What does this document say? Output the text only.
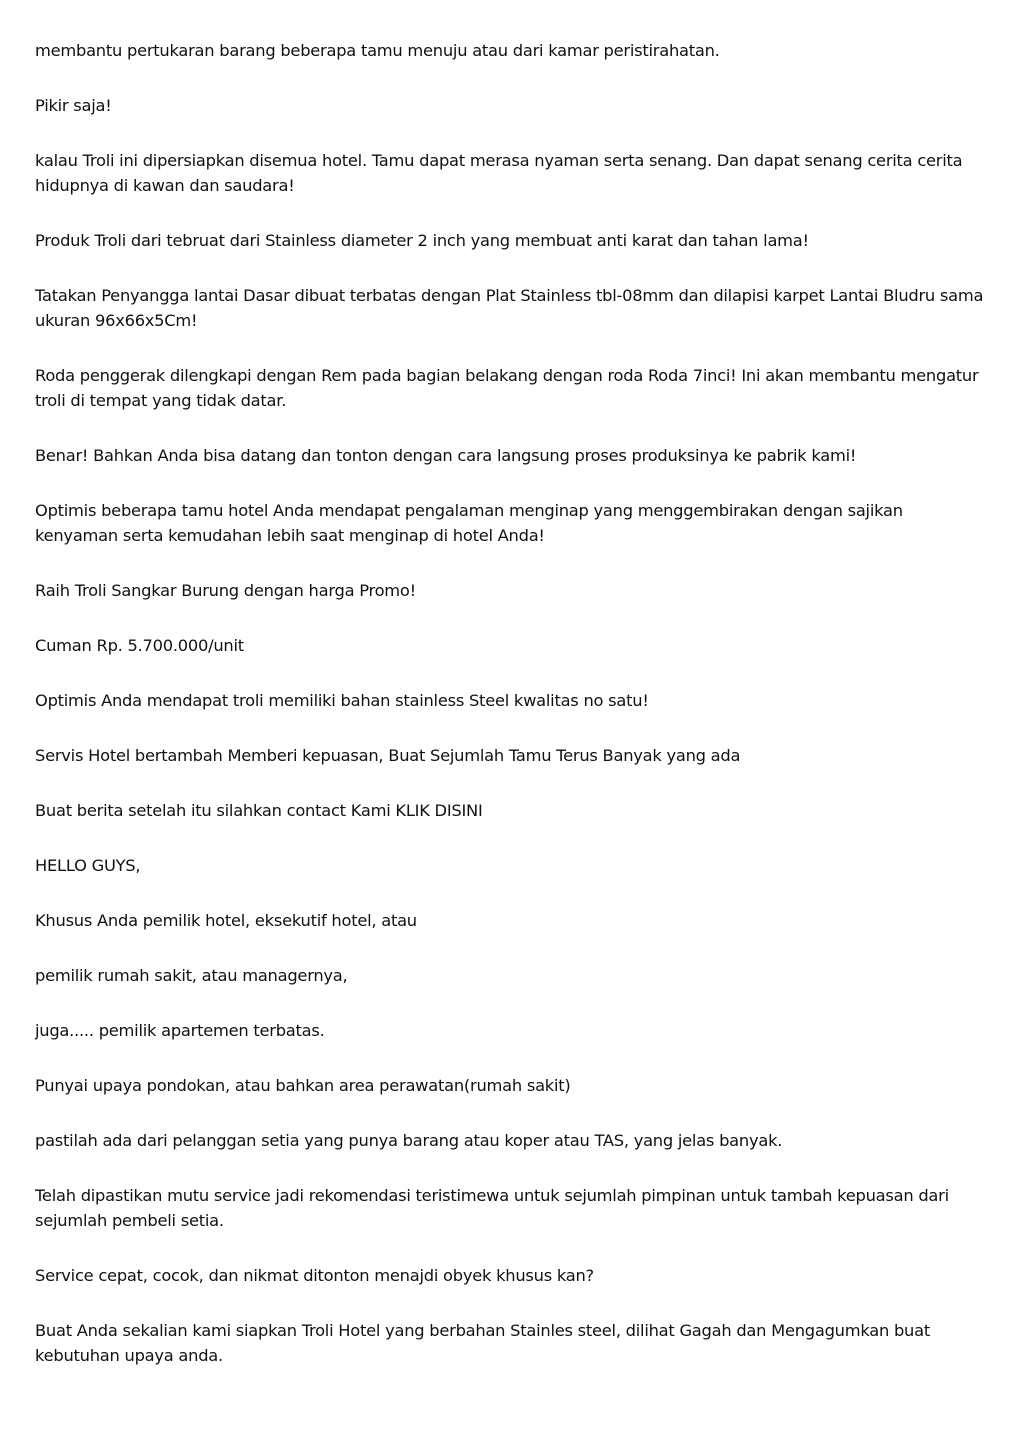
membantu pertukaran barang beberapa tamu menuju atau dari kamar peristirahatan.

Pikir saja!

kalau Troli ini dipersiapkan disemua hotel. Tamu dapat merasa nyaman serta senang. Dan dapat senang cerita cerita hidupnya di kawan dan saudara!

Produk Troli dari tebruat dari Stainless diameter 2 inch yang membuat anti karat dan tahan lama!

Tatakan Penyangga lantai Dasar dibuat terbatas dengan Plat Stainless tbl-08mm dan dilapisi karpet Lantai Bludru sama ukuran 96x66x5Cm!

Roda penggerak dilengkapi dengan Rem pada bagian belakang dengan roda Roda 7inci! Ini akan membantu mengatur troli di tempat yang tidak datar.

Benar! Bahkan Anda bisa datang dan tonton dengan cara langsung proses produksinya ke pabrik kami!

Optimis beberapa tamu hotel Anda mendapat pengalaman menginap yang menggembirakan dengan sajikan kenyaman serta kemudahan lebih saat menginap di hotel Anda!

Raih Troli Sangkar Burung dengan harga Promo!

Cuman Rp. 5.700.000/unit

Optimis Anda mendapat troli memiliki bahan stainless Steel kwalitas no satu!

Servis Hotel bertambah Memberi kepuasan, Buat Sejumlah Tamu Terus Banyak yang ada

Buat berita setelah itu silahkan contact Kami KLIK DISINI

HELLO GUYS,

Khusus Anda pemilik hotel, eksekutif hotel, atau

pemilik rumah sakit, atau managernya,

juga..... pemilik apartemen terbatas.

Punyai upaya pondokan, atau bahkan area perawatan(rumah sakit)

pastilah ada dari pelanggan setia yang punya barang atau koper atau TAS, yang jelas banyak.

Telah dipastikan mutu service jadi rekomendasi teristimewa untuk sejumlah pimpinan untuk tambah kepuasan dari sejumlah pembeli setia.

Service cepat, cocok, dan nikmat ditonton menajdi obyek khusus kan?

Buat Anda sekalian kami siapkan Troli Hotel yang berbahan Stainles steel, dilihat Gagah dan Mengagumkan buat kebutuhan upaya anda.
